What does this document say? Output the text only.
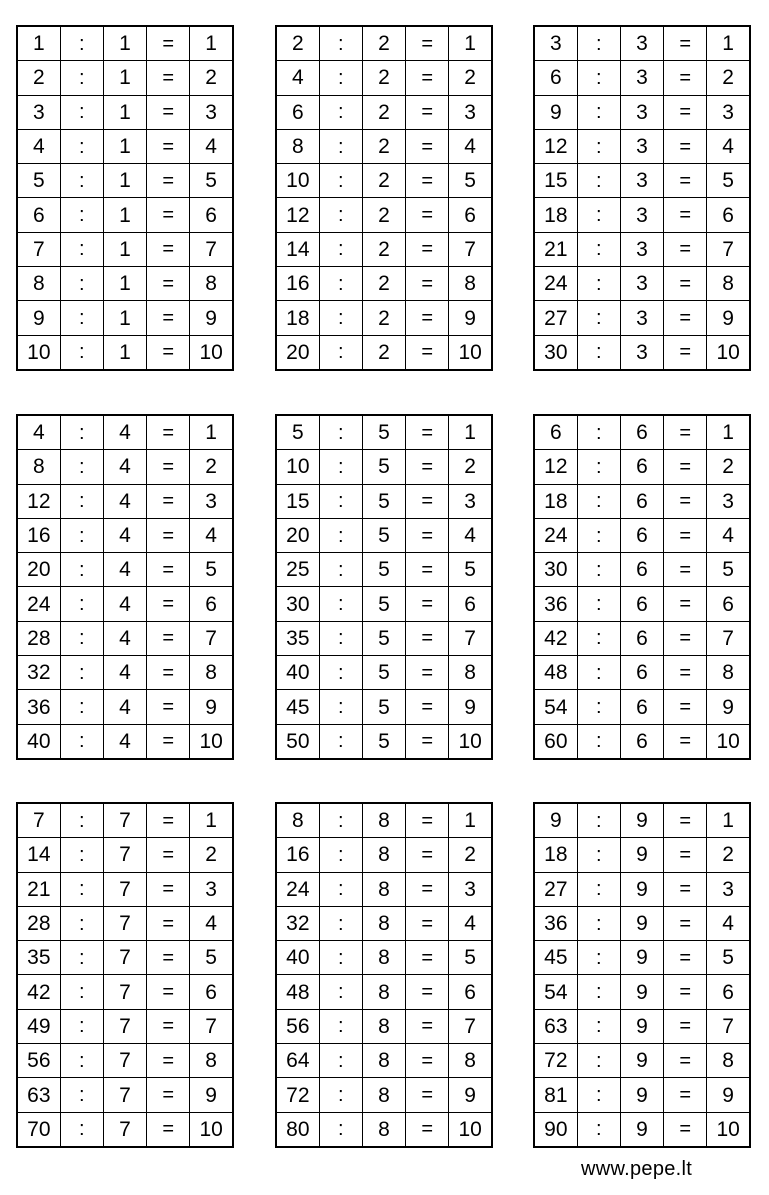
1	:	1	=	1
2	:	1	=	2
3	:	1	=	3
4	:	1	=	4
5	:	1	=	5
6	:	1	=	6
7	:	1	=	7
8	:	1	=	8
9	:	1	=	9
10	:	1	=	10
2	:	2	=	1
4	:	2	=	2
6	:	2	=	3
8	:	2	=	4
10	:	2	=	5
12	:	2	=	6
14	:	2	=	7
16	:	2	=	8
18	:	2	=	9
20	:	2	=	10
3	:	3	=	1
6	:	3	=	2
9	:	3	=	3
12	:	3	=	4
15	:	3	=	5
18	:	3	=	6
21	:	3	=	7
24	:	3	=	8
27	:	3	=	9
30	:	3	=	10
4	:	4	=	1
8	:	4	=	2
12	:	4	=	3
16	:	4	=	4
20	:	4	=	5
24	:	4	=	6
28	:	4	=	7
32	:	4	=	8
36	:	4	=	9
40	:	4	=	10
5	:	5	=	1
10	:	5	=	2
15	:	5	=	3
20	:	5	=	4
25	:	5	=	5
30	:	5	=	6
35	:	5	=	7
40	:	5	=	8
45	:	5	=	9
50	:	5	=	10
6	:	6	=	1
12	:	6	=	2
18	:	6	=	3
24	:	6	=	4
30	:	6	=	5
36	:	6	=	6
42	:	6	=	7
48	:	6	=	8
54	:	6	=	9
60	:	6	=	10
7	:	7	=	1
14	:	7	=	2
21	:	7	=	3
28	:	7	=	4
35	:	7	=	5
42	:	7	=	6
49	:	7	=	7
56	:	7	=	8
63	:	7	=	9
70	:	7	=	10
8	:	8	=	1
16	:	8	=	2
24	:	8	=	3
32	:	8	=	4
40	:	8	=	5
48	:	8	=	6
56	:	8	=	7
64	:	8	=	8
72	:	8	=	9
80	:	8	=	10
9	:	9	=	1
18	:	9	=	2
27	:	9	=	3
36	:	9	=	4
45	:	9	=	5
54	:	9	=	6
63	:	9	=	7
72	:	9	=	8
81	:	9	=	9
90	:	9	=	10
www.pepe.lt
